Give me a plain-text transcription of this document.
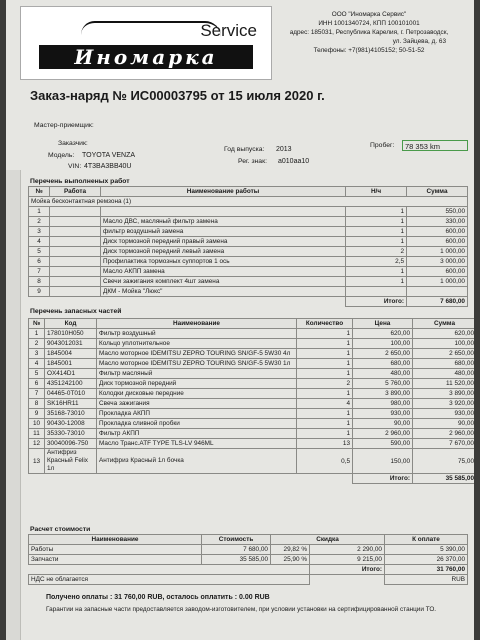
Service
Иномарка
ООО "Иномарка Сервис"
ИНН 1001340724, КПП 100101001
адрес: 185031, Республика Карелия, г. Петрозаводск,
ул. Зайцева, д. 63
Телефоны: +7(981)4105152; 50-51-52
Заказ-наряд № ИС00003795 от 15 июля 2020 г.
Мастер-приемщик:
Заказчик:
Модель: TOYOTA VENZA
VIN: 4T3BA3BB40U
Год выпуска: 2013
Рег. знак: а010аа10
Пробег:	78 353 km
Перечень выполненых работ
№	Работа	Наименование работы	Н/ч	Сумма
Мойка бесконтактная ремзона (1)				
1			1	550,00
2		Масло ДВС, масляный фильтр замена	1	330,00
3		фильтр воздушный замена	1	600,00
4		Диск тормозной передний правый замена	1	600,00
5		Диск тормозной передний левый замена	2	1 000,00
6		Профилактика тормозных суппортов 1 ось	2,5	3 000,00
7		Масло АКПП замена	1	600,00
8		Свечи зажигания комплект 4шт замена	1	1 000,00
9		ДКМ - Мойка "Люкс"		
			Итого:	7 680,00
Перечень запасных частей
№	Код	Наименование	Количество	Цена	Сумма
1	178010H050	Фильтр воздушный	1	620,00	620,00
2	9043012031	Кольцо уплотнительное	1	100,00	100,00
3	1845004	Масло моторное IDEMITSU ZEPRO TOURING SN/GF-5 5W30 4л	1	2 650,00	2 650,00
4	1845001	Масло моторное IDEMITSU ZEPRO TOURING SN/GF-5 5W30 1л	1	680,00	680,00
5	OX414D1	Фильтр масляный	1	480,00	480,00
6	4351242100	Диск тормозной передний	2	5 760,00	11 520,00
7	04465-0T010	Колодки дисковые передние	1	3 890,00	3 890,00
8	SK16HR11	Свеча зажигания	4	980,00	3 920,00
9	35168-73010	Прокладка АКПП	1	930,00	930,00
10	90430-12008	Прокладка сливной пробки	1	90,00	90,00
11	35330-73010	Фильтр АКПП	1	2 960,00	2 960,00
12	30040096-750	Масло Транс.ATF TYPE TLS-LV 946ML	13	590,00	7 670,00
13	Антифриз Красный Felix 1л	Антифриз Красный 1л бочка	0,5	150,00	75,00
				Итого:	35 585,00
Расчет стоимости
Наименование	Стоимость	Скидка		К оплате
Работы	7 680,00	29,82 %	2 290,00	5 390,00
Запчасти	35 585,00	25,90 %	9 215,00	26 370,00
			Итого:	31 760,00
НДС не облагается				RUB
Получено оплаты : 31 760,00 RUB, осталось оплатить : 0.00 RUB
Гарантии на запасные части предоставляется заводом-изготовителем, при условии установки на сертифицированной станции ТО.
